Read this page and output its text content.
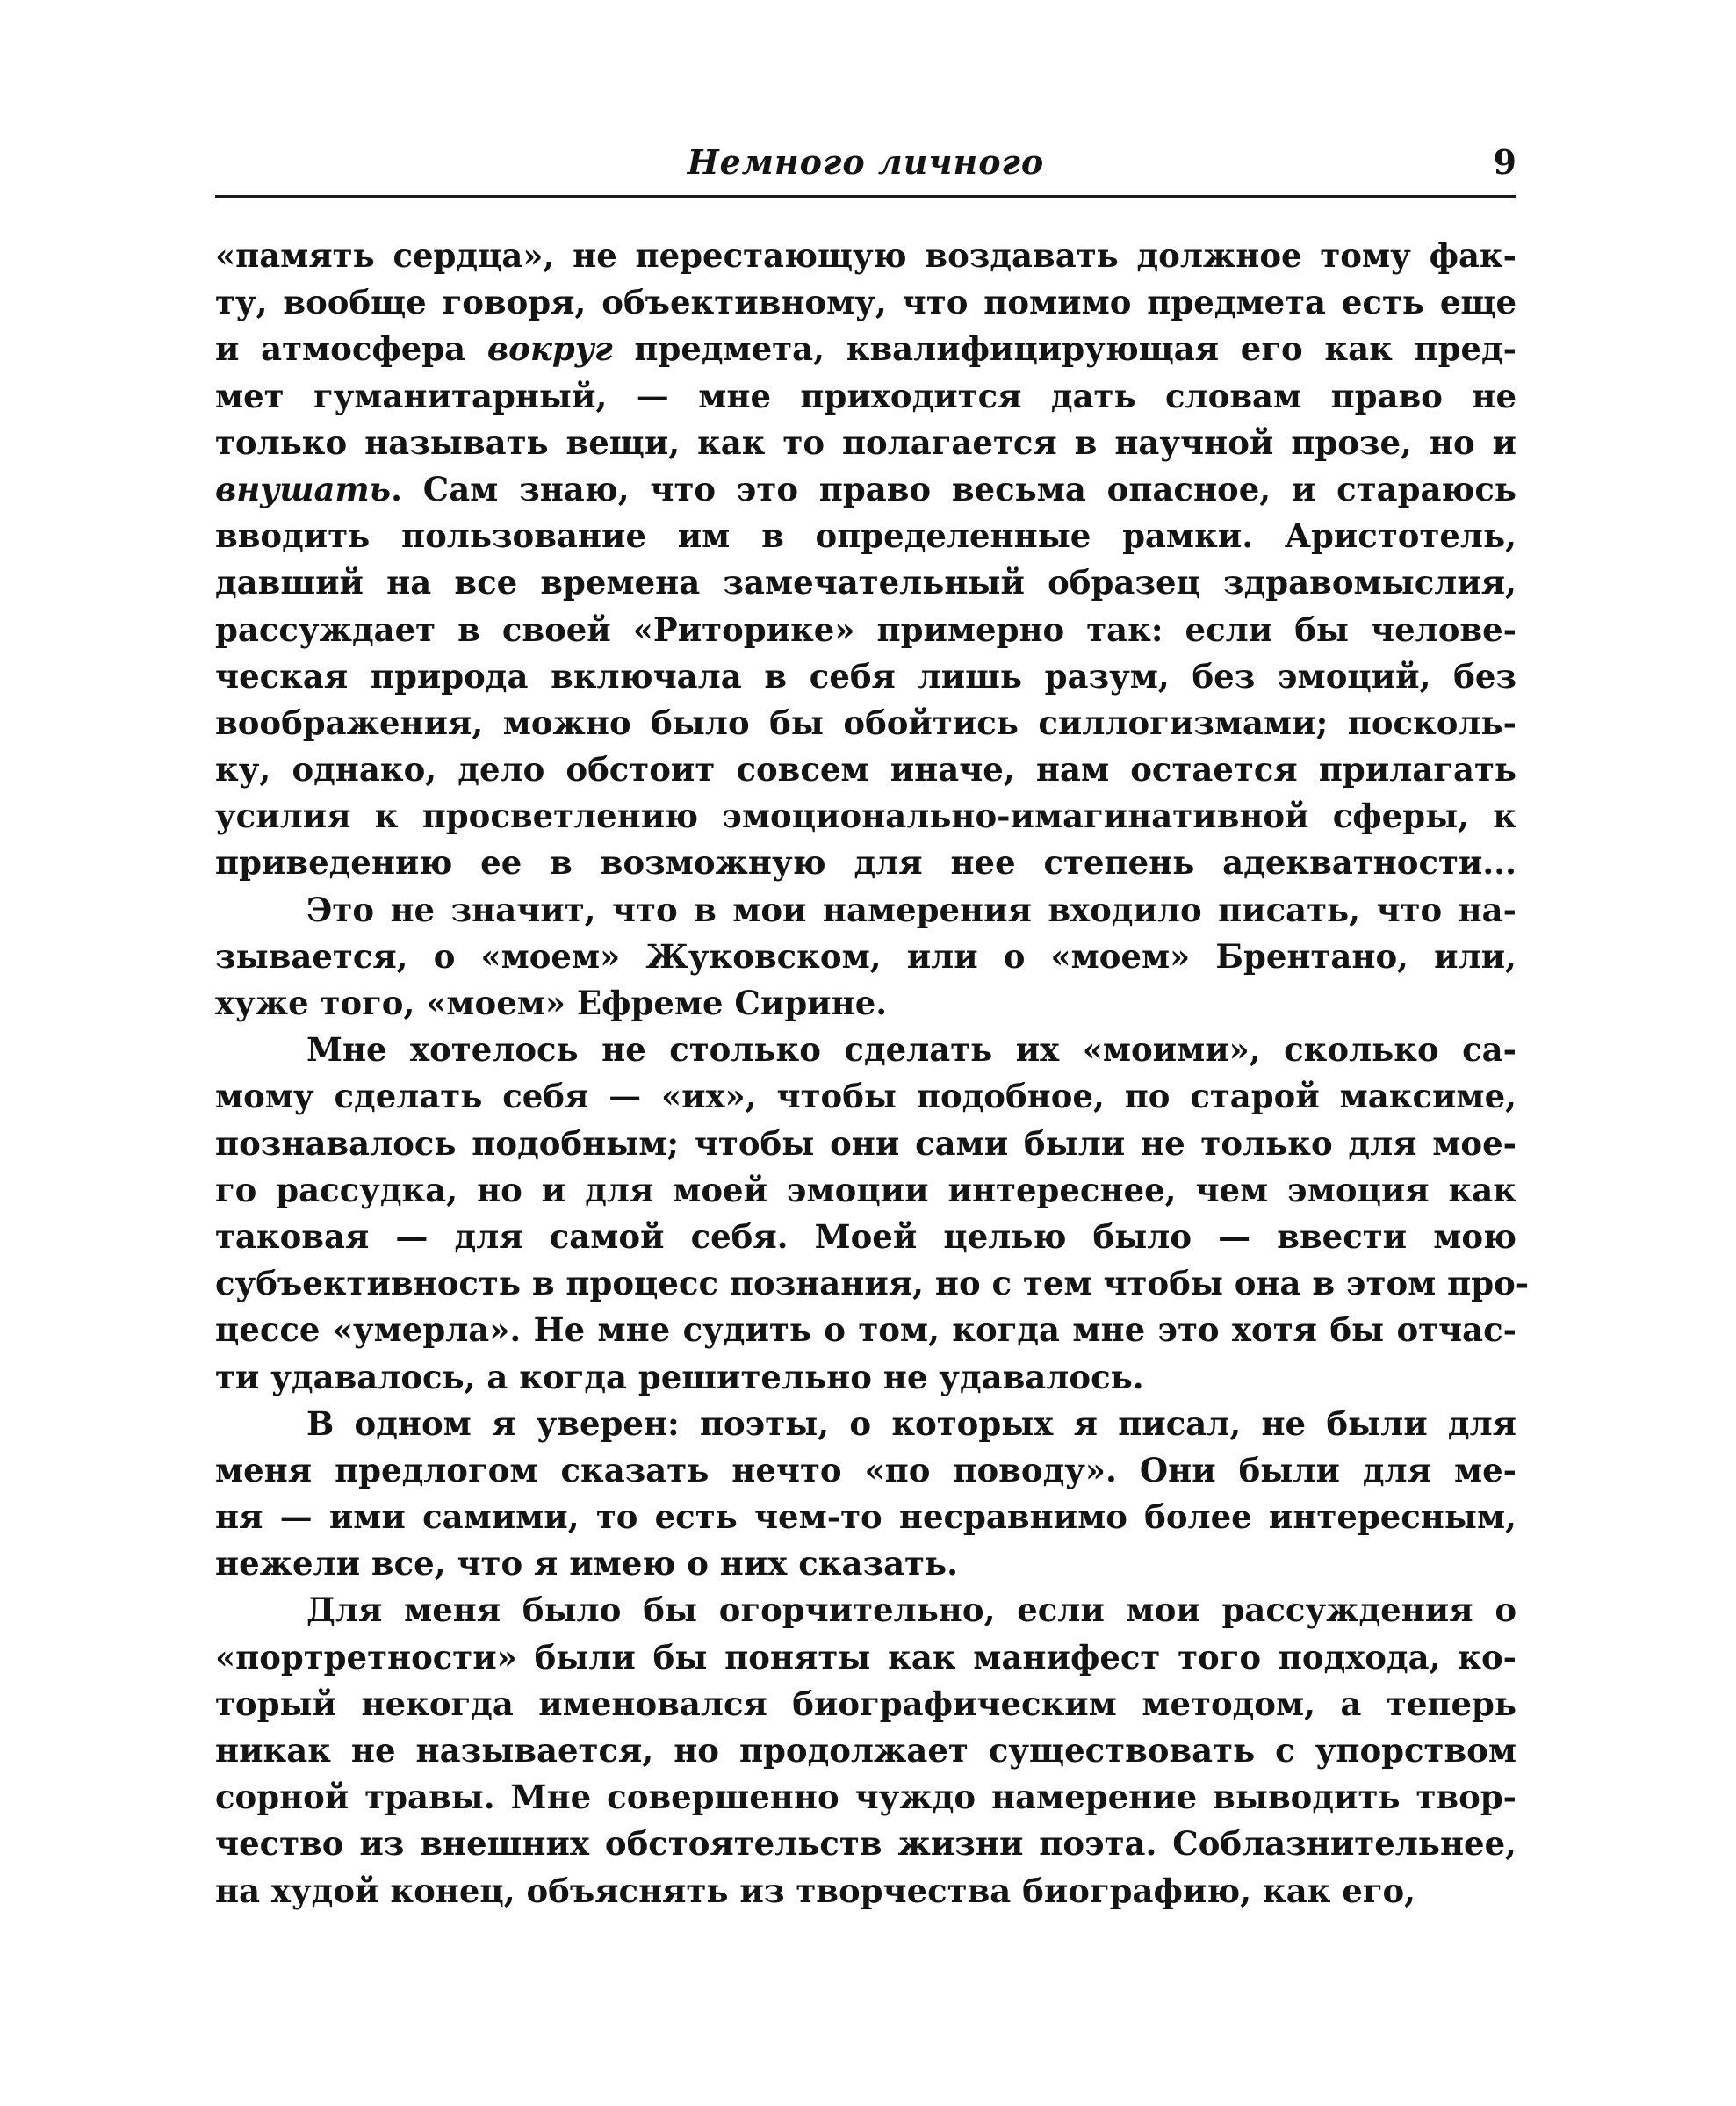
Немного личного	9

«память сердца», не перестающую воздавать должное тому фак-
ту, вообще говоря, объективному, что помимо предмета есть еще
и атмосфера вокруг предмета, квалифицирующая его как пред-
мет гуманитарный, — мне приходится дать словам право не
только называть вещи, как то полагается в научной прозе, но и
внушать. Сам знаю, что это право весьма опасное, и стараюсь
вводить пользование им в определенные рамки. Аристотель,
давший на все времена замечательный образец здравомыслия,
рассуждает в своей «Риторике» примерно так: если бы челове-
ческая природа включала в себя лишь разум, без эмоций, без
воображения, можно было бы обойтись силлогизмами; посколь-
ку, однако, дело обстоит совсем иначе, нам остается прилагать
усилия к просветлению эмоционально-имагинативной сферы, к
приведению ее в возможную для нее степень адекватности...

Это не значит, что в мои намерения входило писать, что на-
зывается, о «моем» Жуковском, или о «моем» Брентано, или,
хуже того, «моем» Ефреме Сирине.

Мне хотелось не столько сделать их «моими», сколько са-
мому сделать себя — «их», чтобы подобное, по старой максиме,
познавалось подобным; чтобы они сами были не только для мое-
го рассудка, но и для моей эмоции интереснее, чем эмоция как
таковая — для самой себя. Моей целью было — ввести мою
субъективность в процесс познания, но с тем чтобы она в этом про-
цессе «умерла». Не мне судить о том, когда мне это хотя бы отчас-
ти удавалось, а когда решительно не удавалось.

В одном я уверен: поэты, о которых я писал, не были для
меня предлогом сказать нечто «по поводу». Они были для ме-
ня — ими самими, то есть чем-то несравнимо более интересным,
нежели все, что я имею о них сказать.

Для меня было бы огорчительно, если мои рассуждения о
«портретности» были бы поняты как манифест того подхода, ко-
торый некогда именовался биографическим методом, а теперь
никак не называется, но продолжает существовать с упорством
сорной травы. Мне совершенно чуждо намерение выводить твор-
чество из внешних обстоятельств жизни поэта. Соблазнительнее,
на худой конец, объяснять из творчества биографию, как его,
